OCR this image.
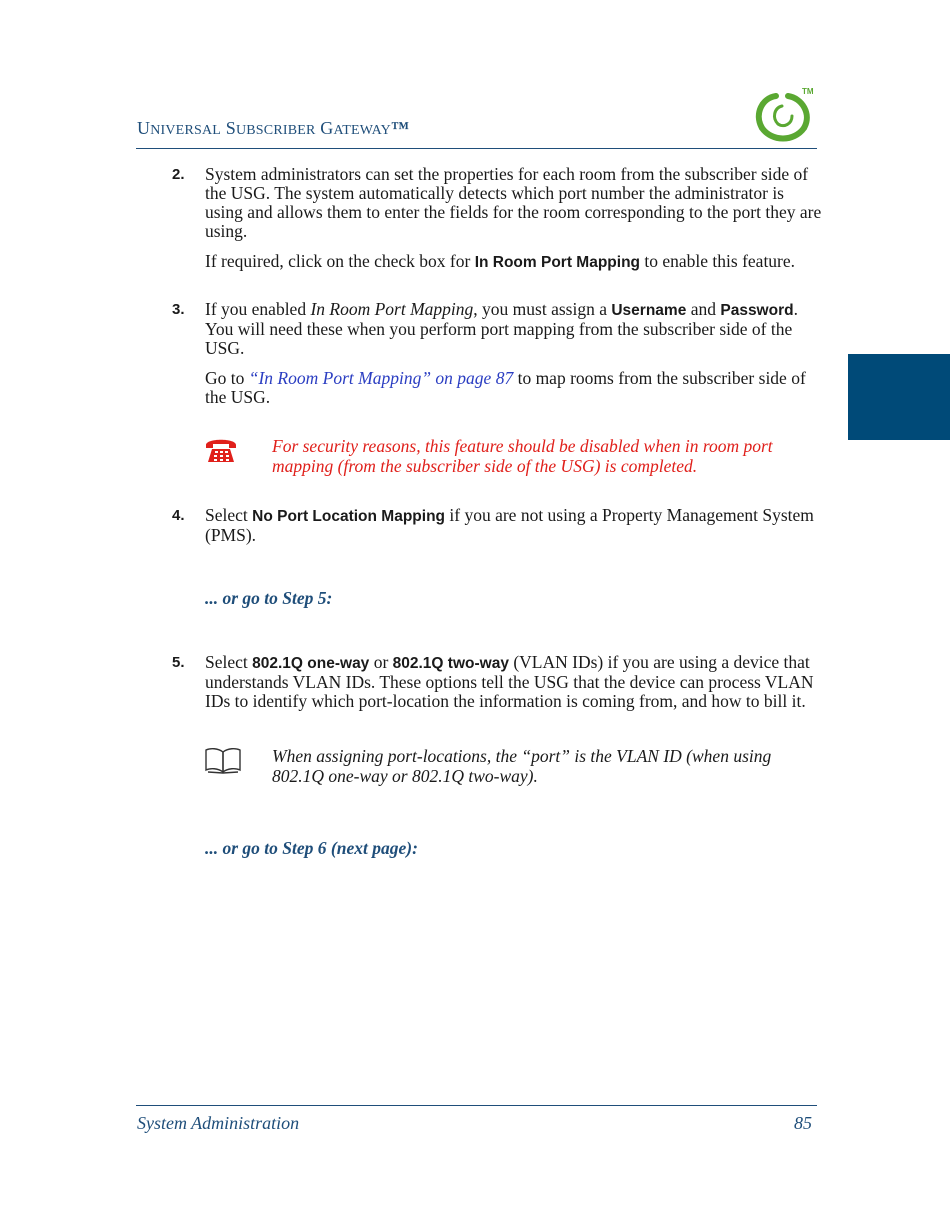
UNIVERSAL SUBSCRIBER GATEWAY™
TM
2.	System administrators can set the properties for each room from the subscriber side of the USG. The system automatically detects which port number the administrator is using and allows them to enter the fields for the room corresponding to the port they are using.

If required, click on the check box for In Room Port Mapping to enable this feature.

3.	If you enabled In Room Port Mapping, you must assign a Username and Password. You will need these when you perform port mapping from the subscriber side of the USG.

Go to “In Room Port Mapping” on page 87 to map rooms from the subscriber side of the USG.

For security reasons, this feature should be disabled when in room port mapping (from the subscriber side of the USG) is completed.
4.	Select No Port Location Mapping if you are not using a Property Management System (PMS).

... or go to Step 5:
5.	Select 802.1Q one-way or 802.1Q two-way (VLAN IDs) if you are using a device that understands VLAN IDs. These options tell the USG that the device can process VLAN IDs to identify which port-location the information is coming from, and how to bill it.

When assigning port-locations, the “port” is the VLAN ID (when using 802.1Q one-way or 802.1Q two-way).
... or go to Step 6 (next page):
System Administration	85
